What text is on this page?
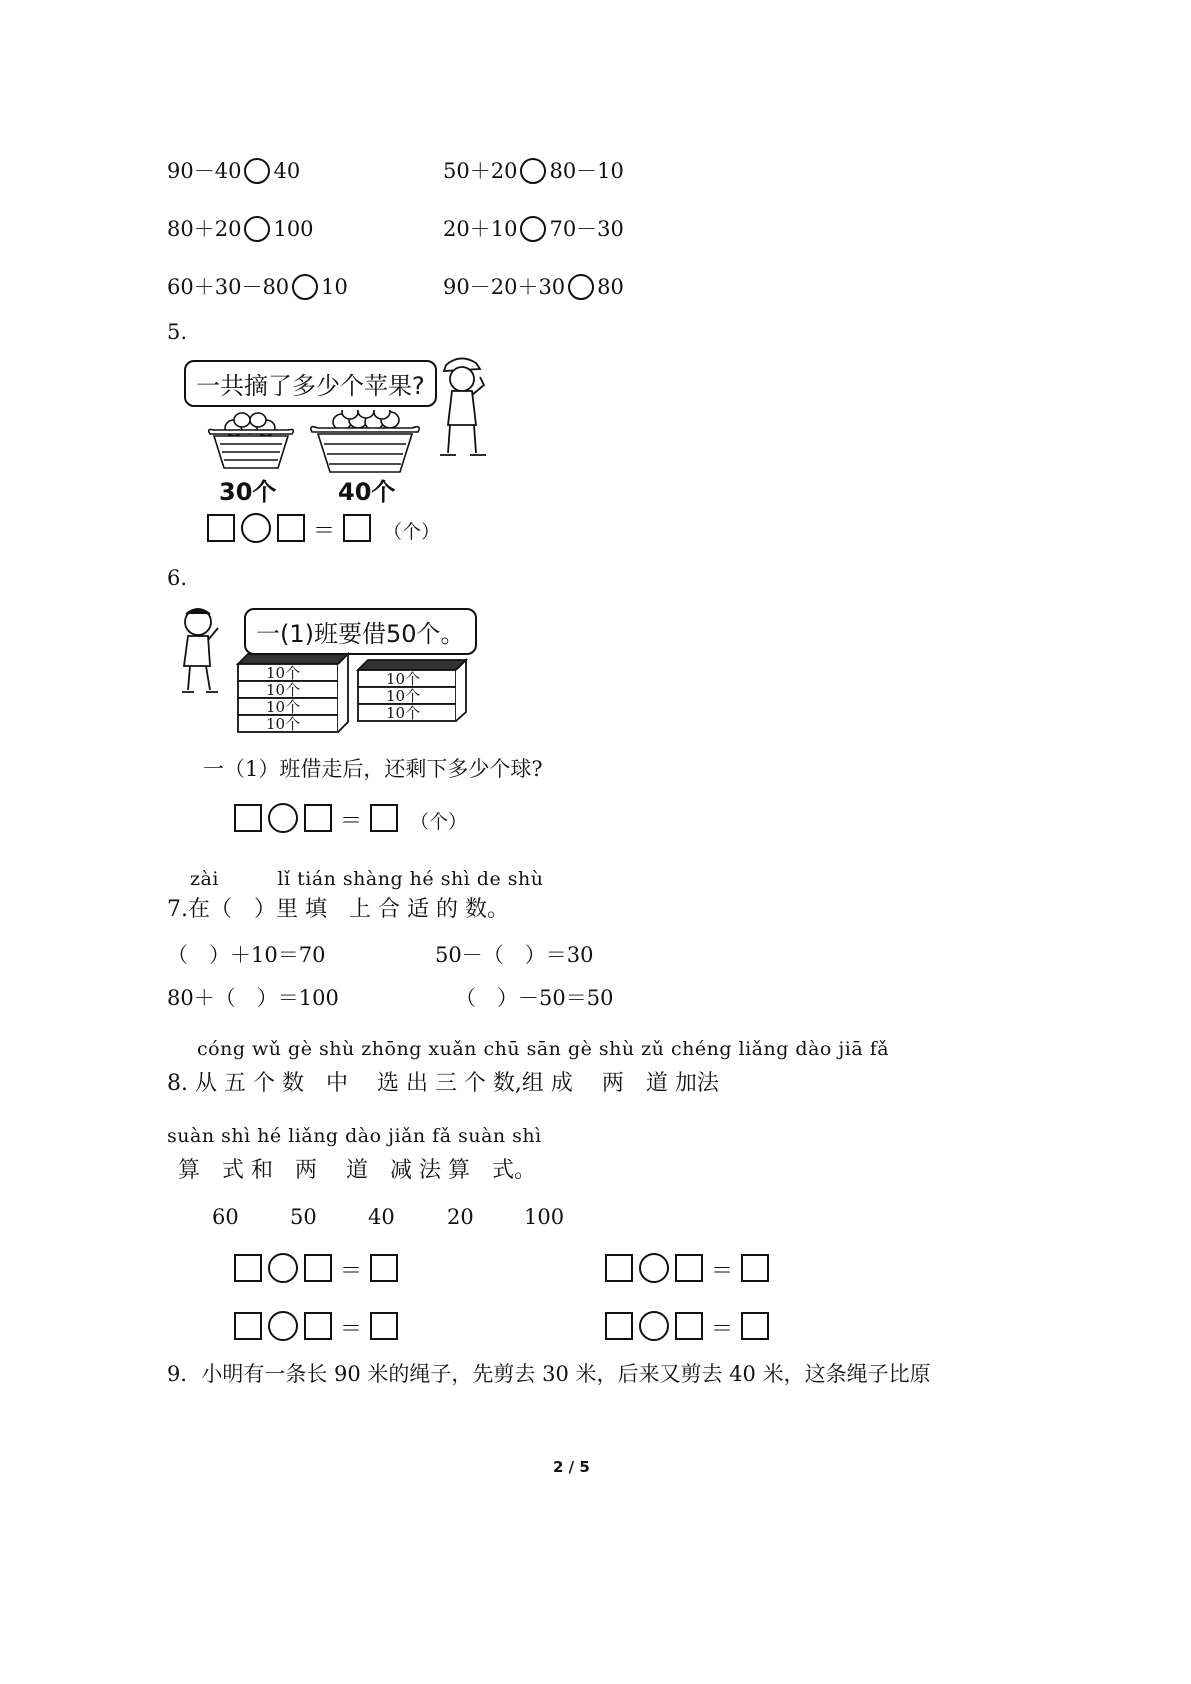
90－40 40	50＋20 80－10
80＋20 100	20＋10 70－30
60＋30－80 10	90－20＋30 80
5.
一共摘了多少个苹果?
30个	40个
＝	（个）
6.
一(1)班要借50个。
10个
10个
10个
10个
10个
10个
10个
一（1）班借走后，还剩下多少个球?
＝	（个）
zài　　　lǐ tián shàng hé shì de shù
7.在（　）里 填　上 合 适 的 数。
（　）＋10＝70	50－（　）＝30
80＋（　）＝100	（　）－50＝50
cóng wǔ gè shù zhōng xuǎn chū sān gè shù zǔ chéng liǎng dào jiā fǎ
8. 从 五 个 数　中　 选 出 三 个 数,组 成　 两　道 加法
suàn shì hé liǎng dào jiǎn fǎ suàn shì
算　式 和　两　 道　减 法 算　式。
60 50 40 20 100
＝	＝
＝	＝
9．小明有一条长 90 米的绳子，先剪去 30 米，后来又剪去 40 米，这条绳子比原
2 / 5
